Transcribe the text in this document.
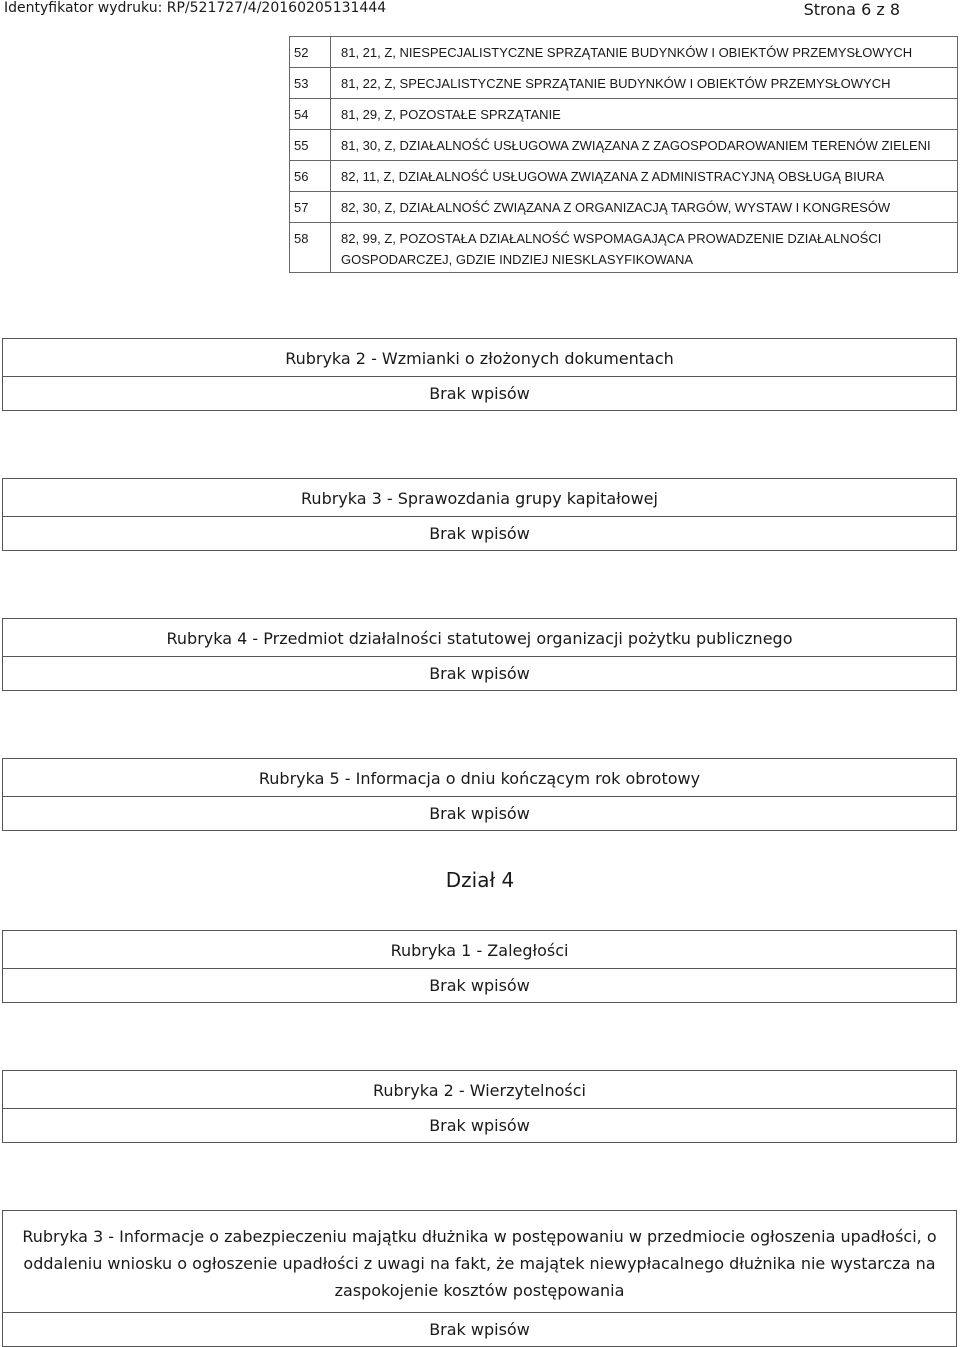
Identyfikator wydruku: RP/521727/4/20160205131444	Strona 6 z 8
52	81, 21, Z, NIESPECJALISTYCZNE SPRZĄTANIE BUDYNKÓW I OBIEKTÓW PRZEMYSŁOWYCH
53	81, 22, Z, SPECJALISTYCZNE SPRZĄTANIE BUDYNKÓW I OBIEKTÓW PRZEMYSŁOWYCH
54	81, 29, Z, POZOSTAŁE SPRZĄTANIE
55	81, 30, Z, DZIAŁALNOŚĆ USŁUGOWA ZWIĄZANA Z ZAGOSPODAROWANIEM TERENÓW ZIELENI
56	82, 11, Z, DZIAŁALNOŚĆ USŁUGOWA ZWIĄZANA Z ADMINISTRACYJNĄ OBSŁUGĄ BIURA
57	82, 30, Z, DZIAŁALNOŚĆ ZWIĄZANA Z ORGANIZACJĄ TARGÓW, WYSTAW I KONGRESÓW
58	82, 99, Z, POZOSTAŁA DZIAŁALNOŚĆ WSPOMAGAJĄCA PROWADZENIE DZIAŁALNOŚCI GOSPODARCZEJ, GDZIE INDZIEJ NIESKLASYFIKOWANA
Rubryka 2 - Wzmianki o złożonych dokumentach
Brak wpisów
Rubryka 3 - Sprawozdania grupy kapitałowej
Brak wpisów
Rubryka 4 - Przedmiot działalności statutowej organizacji pożytku publicznego
Brak wpisów
Rubryka 5 - Informacja o dniu kończącym rok obrotowy
Brak wpisów
Dział 4
Rubryka 1 - Zaległości
Brak wpisów
Rubryka 2 - Wierzytelności
Brak wpisów
Rubryka 3 - Informacje o zabezpieczeniu majątku dłużnika w postępowaniu w przedmiocie ogłoszenia upadłości, o oddaleniu wniosku o ogłoszenie upadłości z uwagi na fakt, że majątek niewypłacalnego dłużnika nie wystarcza na zaspokojenie kosztów postępowania
Brak wpisów
